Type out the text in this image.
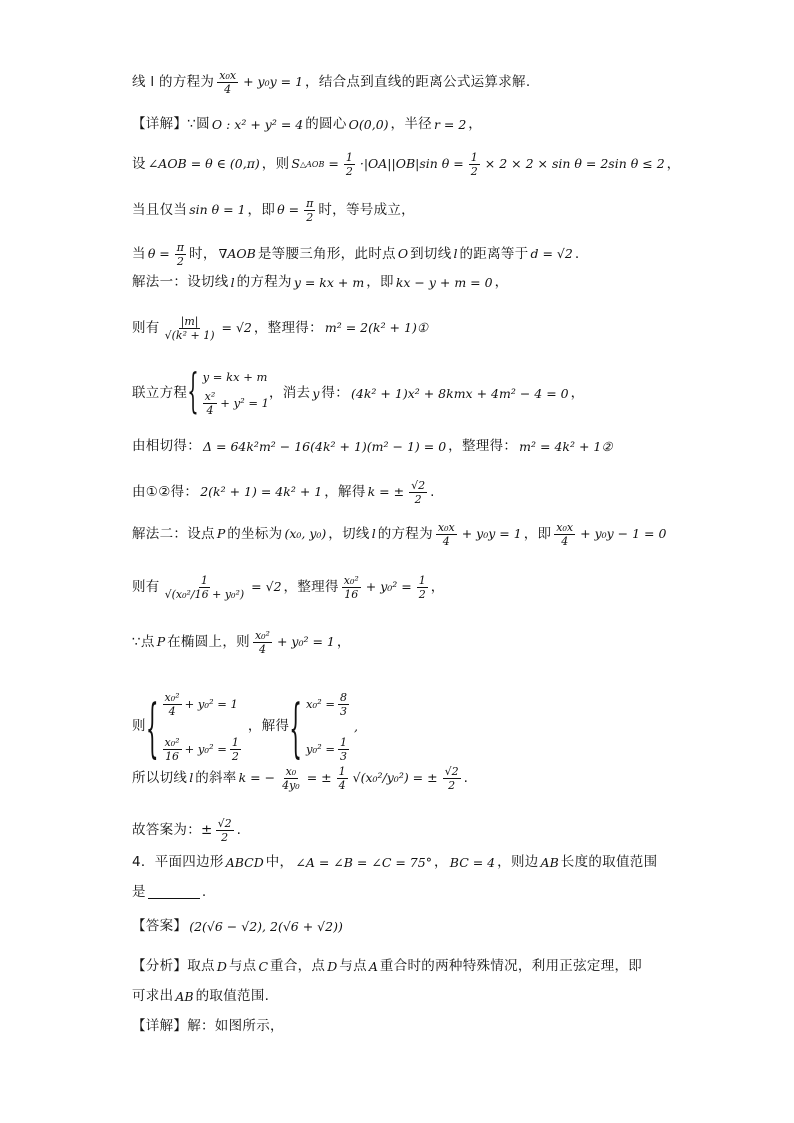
线 l 的方程为 x₀x
4
+ y₀y = 1 ，结合点到直线的距离公式运算求解.
【详解】∵圆 O : x² + y² = 4 的圆心 O(0,0) ，半径 r = 2 ，
设 ∠AOB = θ ∈ (0,π) ，则 S △AOB = $\frac{1}{2} \cdot|OA||OB|\sin$ $\theta = \frac{1}{2} \times 2 \times 2 \times \sin \theta = 2\sin$ θ ≤ 2 ，
当且仅当 sin θ = 1 ，即 $\theta = \frac{\pi}{2}$ 时，等号成立，
当 $\theta = \frac{\pi}{2}$ 时， ∇AOB 是等腰三角形，此时点 O 到切线 l 的距离等于 d = √2 .
解法一：设切线 l 的方程为 y = kx + m ，即 kx − y + m = 0 ，
则有 $\frac{|m|}{\text{√(k² + 1)}} = √2$ ，整理得： m² = 2(k² + 1)①
联立方程 { y = kx + m
x²
4
+ y² = 1
，消去 y 得： (4k² + 1)x² + 8kmx + 4m² − 4 = 0 ，
由相切得： Δ = 64k²m² − 16(4k² + 1)(m² − 1) = 0 ，整理得： m² = 4k² + 1②
由①②得： 2(k² + 1) = 4k² + 1 ，解得 k = ± $\frac{√2}{2}$ .
解法二：设点 P 的坐标为 (x₀, y₀) ，切线 l 的方程为 x₀x
4
+ y₀y = 1 ，即 x₀x
4
+ y₀y − 1 = 0
则有 $\frac{1}{\text{√(x₀²/16 + y₀²)}} = √2$ ，整理得 x₀²
16
+ $y_0^2 = \frac{1}{2}$ ，
∵点 P 在椭圆上，则 x₀²
4
+ y₀² = 1 ，
则 { x₀²
4
+ y₀² = 1
x₀²
16
+ $y_0^2 = \frac{1}{2}$
，解得 { $x_0^2 = \frac{8}{3}$
$y_0^2 = \frac{1}{3}$
,
所以切线 l 的斜率 k = − $\frac{\text{x₀}}{\text{4y₀}}$ = ± $\frac{1}{4} √(x_0^2/y_0^2)$ = ± $\frac{√2}{2}$ .
故答案为：± $\frac{√2}{2}$ .
4．平面四边形 ABCD 中， ∠A = ∠B = ∠C = 75° ， BC = 4 ，则边 AB 长度的取值范围
是	.
【答案】 (2(√6 − √2), 2(√6 + √2))
【分析】取点 D 与点 C 重合，点 D 与点 A 重合时的两种特殊情况，利用正弦定理，即
可求出 AB 的取值范围.
【详解】解：如图所示，
